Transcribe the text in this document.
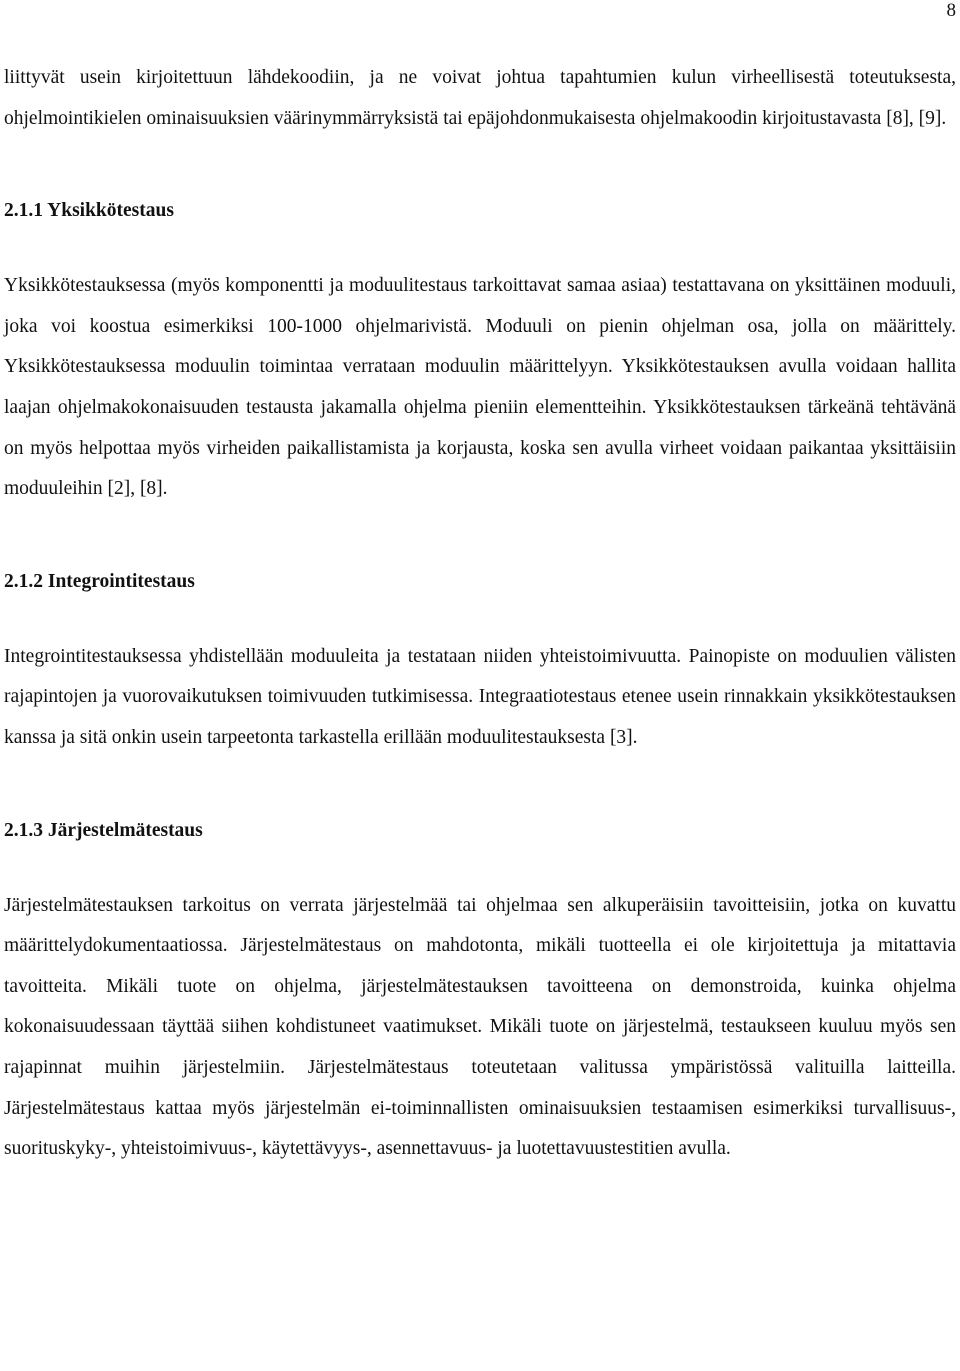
8

liittyvät usein kirjoitettuun lähdekoodiin, ja ne voivat johtua tapahtumien kulun virheellisestä toteutuksesta, ohjelmointikielen ominaisuuksien väärinymmärryksistä tai epäjohdonmukaisesta ohjelmakoodin kirjoitustavasta [8], [9].

2.1.1 Yksikkötestaus

Yksikkötestauksessa (myös komponentti ja moduulitestaus tarkoittavat samaa asiaa) testattavana on yksittäinen moduuli, joka voi koostua esimerkiksi 100-1000 ohjelmarivistä. Moduuli on pienin ohjelman osa, jolla on määrittely. Yksikkötestauksessa moduulin toimintaa verrataan moduulin määrittelyyn. Yksikkötestauksen avulla voidaan hallita laajan ohjelmakokonaisuuden testausta jakamalla ohjelma pieniin elementteihin. Yksikkötestauksen tärkeänä tehtävänä on myös helpottaa myös virheiden paikallistamista ja korjausta, koska sen avulla virheet voidaan paikantaa yksittäisiin moduuleihin [2], [8].

2.1.2 Integrointitestaus

Integrointitestauksessa yhdistellään moduuleita ja testataan niiden yhteistoimivuutta. Painopiste on moduulien välisten rajapintojen ja vuorovaikutuksen toimivuuden tutkimisessa. Integraatiotestaus etenee usein rinnakkain yksikkötestauksen kanssa ja sitä onkin usein tarpeetonta tarkastella erillään moduulitestauksesta [3].

2.1.3 Järjestelmätestaus

Järjestelmätestauksen tarkoitus on verrata järjestelmää tai ohjelmaa sen alkuperäisiin tavoitteisiin, jotka on kuvattu määrittelydokumentaatiossa. Järjestelmätestaus on mahdotonta, mikäli tuotteella ei ole kirjoitettuja ja mitattavia tavoitteita. Mikäli tuote on ohjelma, järjestelmätestauksen tavoitteena on demonstroida, kuinka ohjelma kokonaisuudessaan täyttää siihen kohdistuneet vaatimukset. Mikäli tuote on järjestelmä, testaukseen kuuluu myös sen rajapinnat muihin järjestelmiin. Järjestelmätestaus toteutetaan valitussa ympäristössä valituilla laitteilla. Järjestelmätestaus kattaa myös järjestelmän ei-toiminnallisten ominaisuuksien testaamisen esimerkiksi turvallisuus-, suorituskyky-, yhteistoimivuus-, käytettävyys-, asennettavuus- ja luotettavuustestitien avulla.
